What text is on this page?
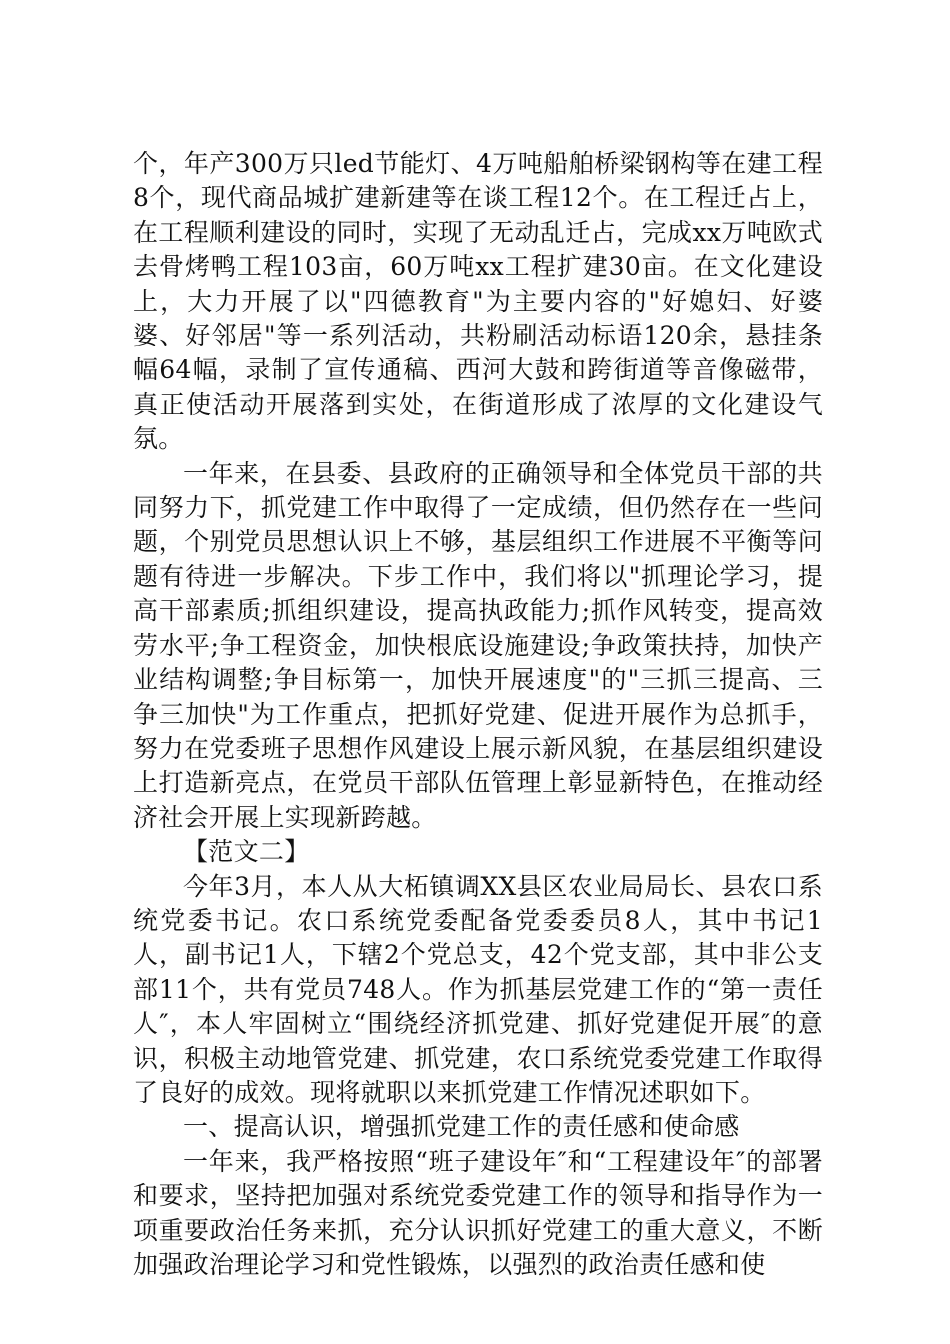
个，年产300万只led节能灯、4万吨船舶桥梁钢构等在建工程8个，现代商品城扩建新建等在谈工程12个。在工程迁占上，在工程顺利建设的同时，实现了无动乱迁占，完成xx万吨欧式去骨烤鸭工程103亩，60万吨xx工程扩建30亩。在文化建设上，大力开展了以"四德教育"为主要内容的"好媳妇、好婆婆、好邻居"等一系列活动，共粉刷活动标语120余，悬挂条幅64幅，录制了宣传通稿、西河大鼓和跨街道等音像磁带，真正使活动开展落到实处，在街道形成了浓厚的文化建设气氛。

一年来，在县委、县政府的正确领导和全体党员干部的共同努力下，抓党建工作中取得了一定成绩，但仍然存在一些问题，个别党员思想认识上不够，基层组织工作进展不平衡等问题有待进一步解决。下步工作中，我们将以"抓理论学习，提高干部素质;抓组织建设，提高执政能力;抓作风转变，提高效劳水平;争工程资金，加快根底设施建设;争政策扶持，加快产业结构调整;争目标第一，加快开展速度"的"三抓三提高、三争三加快"为工作重点，把抓好党建、促进开展作为总抓手，努力在党委班子思想作风建设上展示新风貌，在基层组织建设上打造新亮点，在党员干部队伍管理上彰显新特色，在推动经济社会开展上实现新跨越。

【范文二】

今年3月，本人从大柘镇调XX县区农业局局长、县农口系统党委书记。农口系统党委配备党委委员8人，其中书记1人，副书记1人，下辖2个党总支，42个党支部，其中非公支部11个，共有党员748人。作为抓基层党建工作的“第一责任人″，本人牢固树立“围绕经济抓党建、抓好党建促开展″的意识，积极主动地管党建、抓党建，农口系统党委党建工作取得了良好的成效。现将就职以来抓党建工作情况述职如下。

一、提高认识，增强抓党建工作的责任感和使命感

一年来，我严格按照“班子建设年″和“工程建设年″的部署和要求，坚持把加强对系统党委党建工作的领导和指导作为一项重要政治任务来抓，充分认识抓好党建工的重大意义，不断加强政治理论学习和党性锻炼，以强烈的政治责任感和使
